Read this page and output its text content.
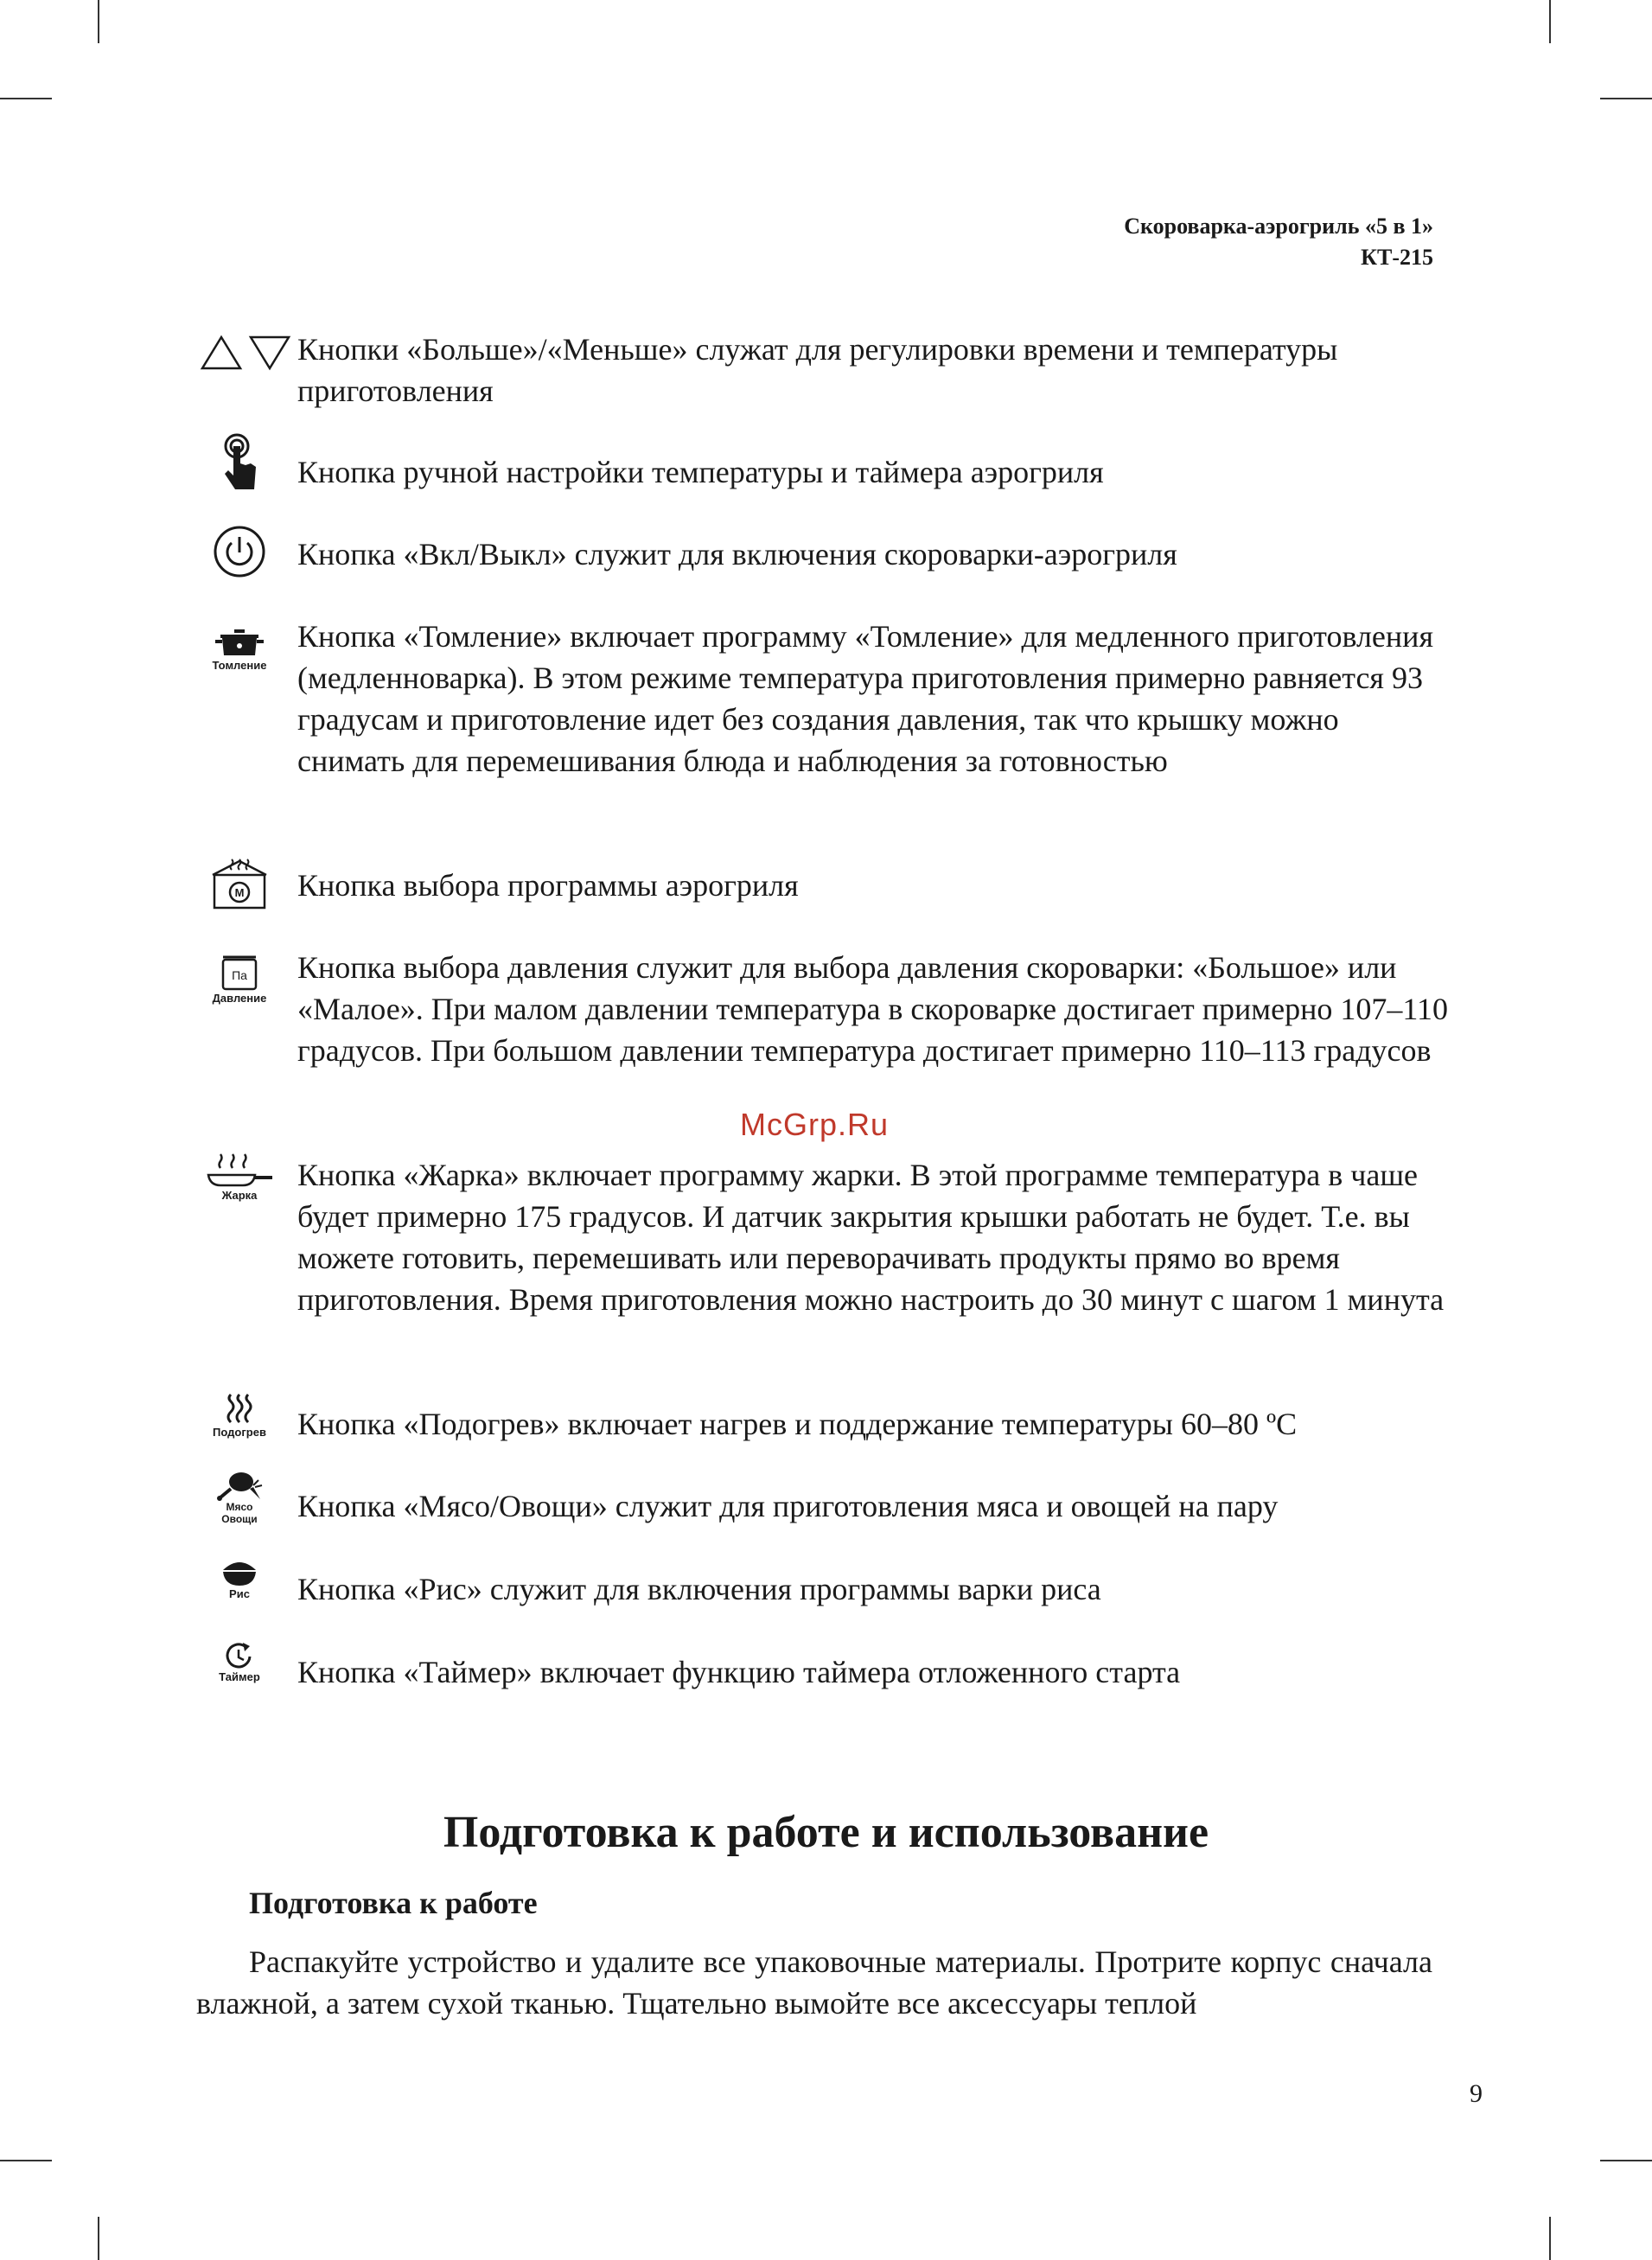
Скороварка-аэрогриль «5 в 1»
КТ-215
Кнопки «Больше»/«Меньше» служат для регулировки времени и температуры приготовления
Кнопка ручной настройки температуры и таймера аэрогриля
Кнопка «Вкл/Выкл» служит для включения скороварки-аэрогриля
Томление
Кнопка «Томление» включает программу «Томление» для медленного приготовления (медленноварка). В этом режиме температура приготовления примерно равняется 93 градусам и приготовление идет без создания давления, так что крышку можно снимать для перемешивания блюда и наблюдения за готовностью
M Кнопка выбора программы аэрогриля
Па
Давление
Кнопка выбора давления служит для выбора давления скороварки: «Большое» или «Малое». При малом давлении температура в скороварке достигает примерно 107–110 градусов. При большом давлении температура достигает примерно 110–113 градусов
McGrp.Ru
Жарка
Кнопка «Жарка» включает программу жарки. В этой программе температура в чаше будет примерно 175 градусов. И датчик закрытия крышки работать не будет. Т.е. вы можете готовить, перемешивать или переворачивать продукты прямо во время приготовления. Время приготовления можно настроить до 30 минут с шагом 1 минута
Подогрев Кнопка «Подогрев» включает нагрев и поддержание температуры 60–80 ºС
Мясо
Овощи Кнопка «Мясо/Овощи» служит для приготовления мяса и овощей на пару
Рис Кнопка «Рис» служит для включения программы варки риса
Таймер Кнопка «Таймер» включает функцию таймера отложенного старта
Подготовка к работе и использование
Подготовка к работе
Распакуйте устройство и удалите все упаковочные материалы. Протрите корпус сначала влажной, а затем сухой тканью. Тщательно вымойте все аксессуары теплой
9
